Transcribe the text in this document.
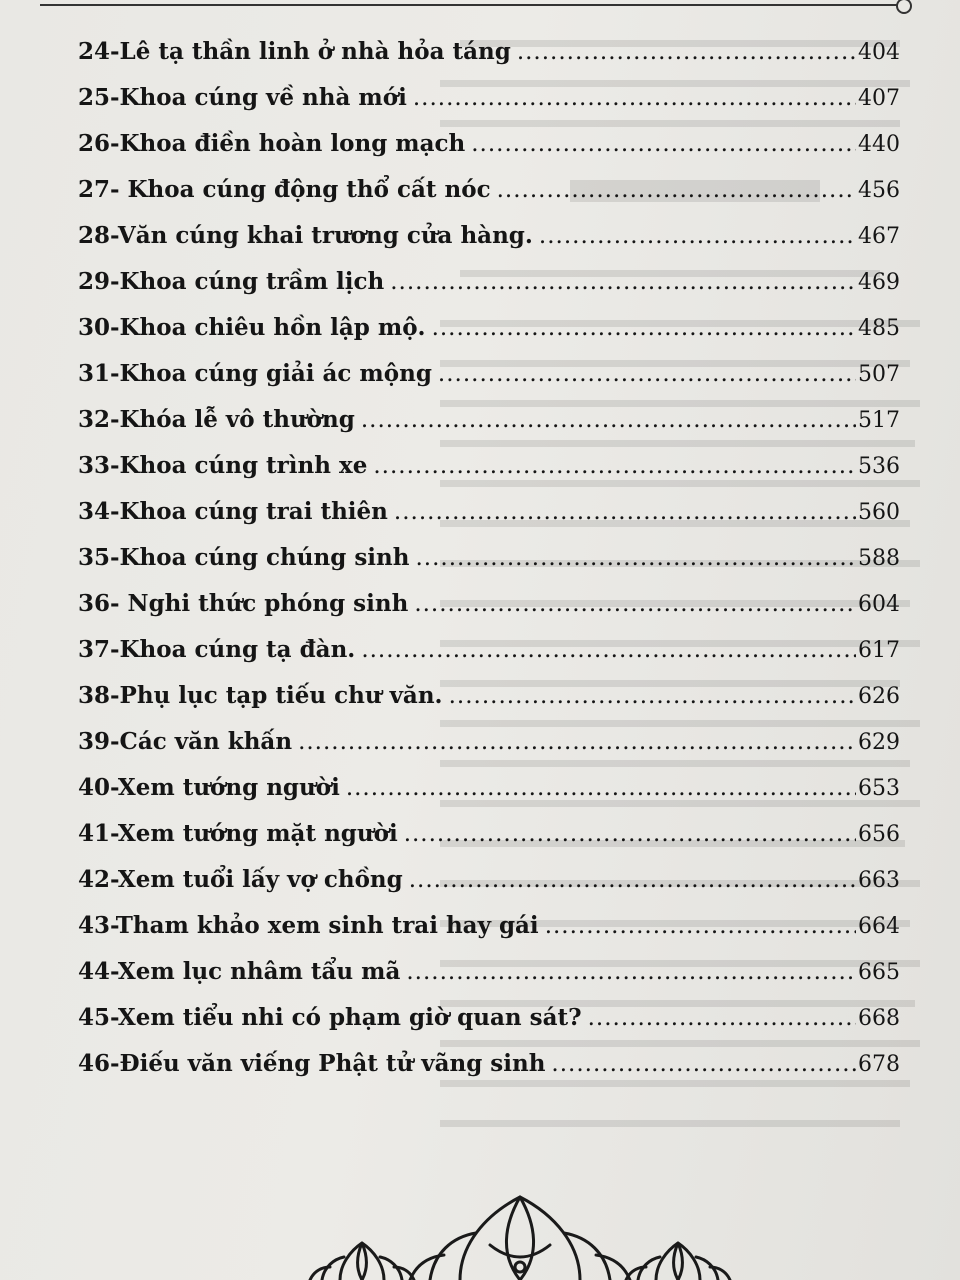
24-Lê tạ thần linh ở nhà hỏa táng .....	404
25-Khoa cúng về nhà mới .....	407
26-Khoa điền hoàn long mạch .....	440
27- Khoa cúng động thổ cất nóc .....	456
28-Văn cúng khai trương cửa hàng. .....	467
29-Khoa cúng trầm lịch .....	469
30-Khoa chiêu hồn lập mộ. .....	485
31-Khoa cúng giải ác mộng .....	507
32-Khóa lễ vô thường .....	517
33-Khoa cúng trình xe .....	536
34-Khoa cúng trai thiên .....	560
35-Khoa cúng chúng sinh .....	588
36- Nghi thức phóng sinh .....	604
37-Khoa cúng tạ đàn. .....	617
38-Phụ lục tạp tiếu chư văn. .....	626
39-Các văn khấn .....	629
40-Xem tướng người .....	653
41-Xem tướng mặt người .....	656
42-Xem tuổi lấy vợ chồng .....	663
43-Tham khảo xem sinh trai hay gái .....	664
44-Xem lục nhâm tẩu mã .....	665
45-Xem tiểu nhi có phạm giờ quan sát? .....	668
46-Điếu văn viếng Phật tử vãng sinh .....	678
